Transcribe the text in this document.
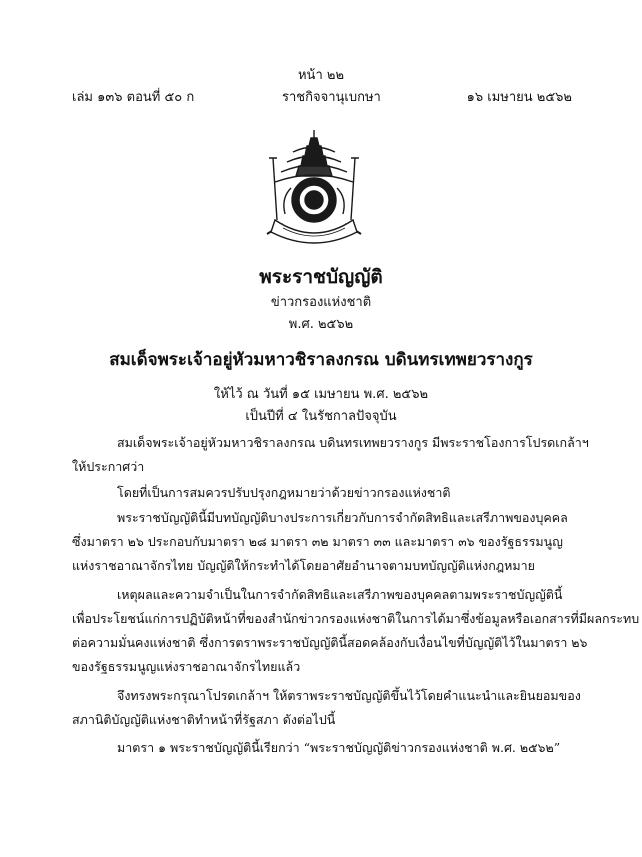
หน้า ๒๒
เล่ม ๑๓๖ ตอนที่ ๕๐ ก	ราชกิจจานุเบกษา	๑๖ เมษายน ๒๕๖๒
พระราชบัญญัติ
ข่าวกรองแห่งชาติ
พ.ศ. ๒๕๖๒
สมเด็จพระเจ้าอยู่หัวมหาวชิราลงกรณ บดินทรเทพยวรางกูร
ให้ไว้ ณ วันที่ ๑๕ เมษายน พ.ศ. ๒๕๖๒
เป็นปีที่ ๔ ในรัชกาลปัจจุบัน
สมเด็จพระเจ้าอยู่หัวมหาวชิราลงกรณ บดินทรเทพยวรางกูร มีพระราชโองการโปรดเกล้าฯ
ให้ประกาศว่า
โดยที่เป็นการสมควรปรับปรุงกฎหมายว่าด้วยข่าวกรองแห่งชาติ
พระราชบัญญัตินี้มีบทบัญญัติบางประการเกี่ยวกับการจำกัดสิทธิและเสรีภาพของบุคคล
ซึ่งมาตรา ๒๖ ประกอบกับมาตรา ๒๘ มาตรา ๓๒ มาตรา ๓๓ และมาตรา ๓๖ ของรัฐธรรมนูญ
แห่งราชอาณาจักรไทย บัญญัติให้กระทำได้โดยอาศัยอำนาจตามบทบัญญัติแห่งกฎหมาย
เหตุผลและความจำเป็นในการจำกัดสิทธิและเสรีภาพของบุคคลตามพระราชบัญญัตินี้
เพื่อประโยชน์แก่การปฏิบัติหน้าที่ของสำนักข่าวกรองแห่งชาติในการได้มาซึ่งข้อมูลหรือเอกสารที่มีผลกระทบ
ต่อความมั่นคงแห่งชาติ ซึ่งการตราพระราชบัญญัตินี้สอดคล้องกับเงื่อนไขที่บัญญัติไว้ในมาตรา ๒๖
ของรัฐธรรมนูญแห่งราชอาณาจักรไทยแล้ว
จึงทรงพระกรุณาโปรดเกล้าฯ ให้ตราพระราชบัญญัติขึ้นไว้โดยคำแนะนำและยินยอมของ
สภานิติบัญญัติแห่งชาติทำหน้าที่รัฐสภา ดังต่อไปนี้
มาตรา ๑ พระราชบัญญัตินี้เรียกว่า “พระราชบัญญัติข่าวกรองแห่งชาติ พ.ศ. ๒๕๖๒”
